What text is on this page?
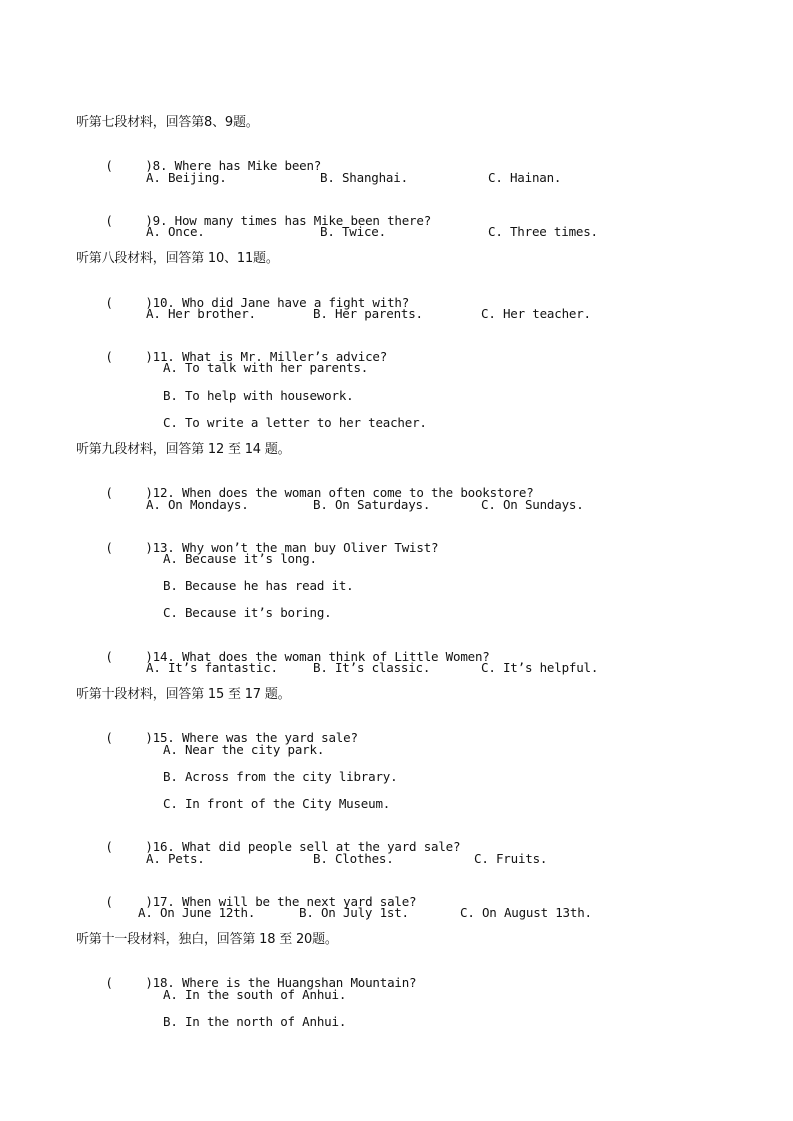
听第七段材料，回答第8、9题。

(	)8. Where has Mike been?

A. Beijing.	B. Shanghai.	C. Hainan.

(	)9. How many times has Mike been there?

A. Once.	B. Twice.	C. Three times.
听第八段材料，回答第 10、11题。

(	)10. Who did Jane have a fight with?

A. Her brother.	B. Her parents.	C. Her teacher.

(	)11. What is Mr. Miller’s advice?

A. To talk with her parents.
B. To help with housework.
C. To write a letter to her teacher.
听第九段材料，回答第 12 至 14 题。

(	)12. When does the woman often come to the bookstore?

A. On Mondays.	B. On Saturdays.	C. On Sundays.

(	)13. Why won’t the man buy Oliver Twist?

A. Because it’s long.
B. Because he has read it.
C. Because it’s boring.

(	)14. What does the woman think of Little Women?

A. It’s fantastic.	B. It’s classic.	C. It’s helpful.
听第十段材料，回答第 15 至 17 题。

(	)15. Where was the yard sale?

A. Near the city park.
B. Across from the city library.
C. In front of the City Museum.

(	)16. What did people sell at the yard sale?

A. Pets.	B. Clothes.	C. Fruits.

(	)17. When will be the next yard sale?

A. On June 12th.	B. On July 1st.	C. On August 13th.
听第十一段材料，独白，回答第 18 至 20题。

(	)18. Where is the Huangshan Mountain?

A. In the south of Anhui.
B. In the north of Anhui.
